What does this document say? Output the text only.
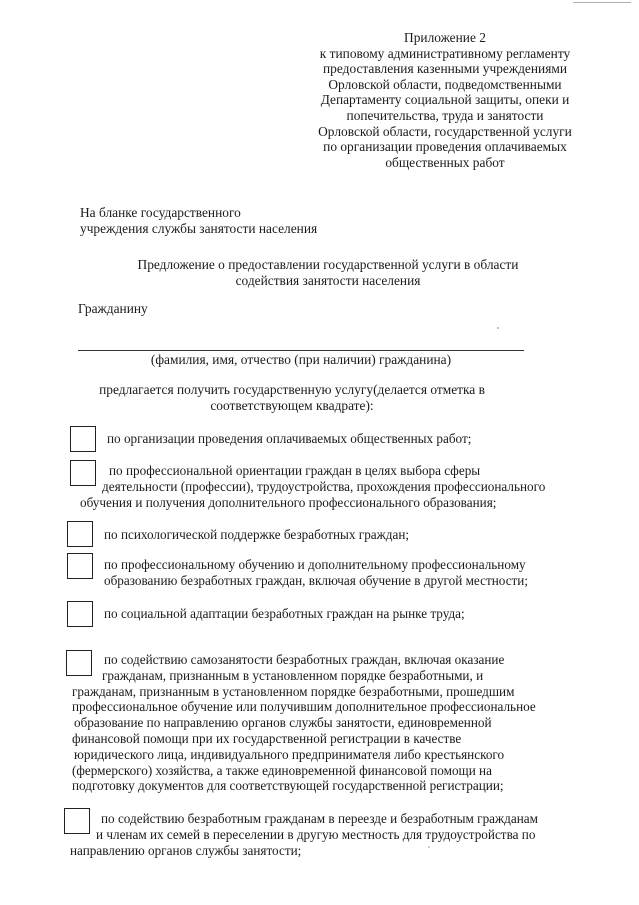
Приложение 2
к типовому административному регламенту
предоставления казенными учреждениями
Орловской области, подведомственными
Департаменту социальной защиты, опеки и
попечительства, труда и занятости
Орловской области, государственной услуги
по организации проведения оплачиваемых
общественных работ
На бланке государственного
учреждения службы занятости населения
Предложение о предоставлении государственной услуги в области
содействия занятости населения
Гражданину
(фамилия, имя, отчество (при наличии) гражданина)
предлагается получить государственную услугу(делается отметка в
соответствующем квадрате):
по организации проведения оплачиваемых общественных работ;
по профессиональной ориентации граждан в целях выбора сферы
деятельности (профессии), трудоустройства, прохождения профессионального
обучения и получения дополнительного профессионального образования;
по психологической поддержке безработных граждан;
по профессиональному обучению и дополнительному профессиональному
образованию безработных граждан, включая обучение в другой местности;
по социальной адаптации безработных граждан на рынке труда;
по содействию самозанятости безработных граждан, включая оказание
гражданам, признанным в установленном порядке безработными, и
гражданам, признанным в установленном порядке безработными, прошедшим
профессиональное обучение или получившим дополнительное профессиональное
образование по направлению органов службы занятости, единовременной
финансовой помощи при их государственной регистрации в качестве
юридического лица, индивидуального предпринимателя либо крестьянского
(фермерского) хозяйства, а также единовременной финансовой помощи на
подготовку документов для соответствующей государственной регистрации;
по содействию безработным гражданам в переезде и безработным гражданам
и членам их семей в переселении в другую местность для трудоустройства по
направлению органов службы занятости;
